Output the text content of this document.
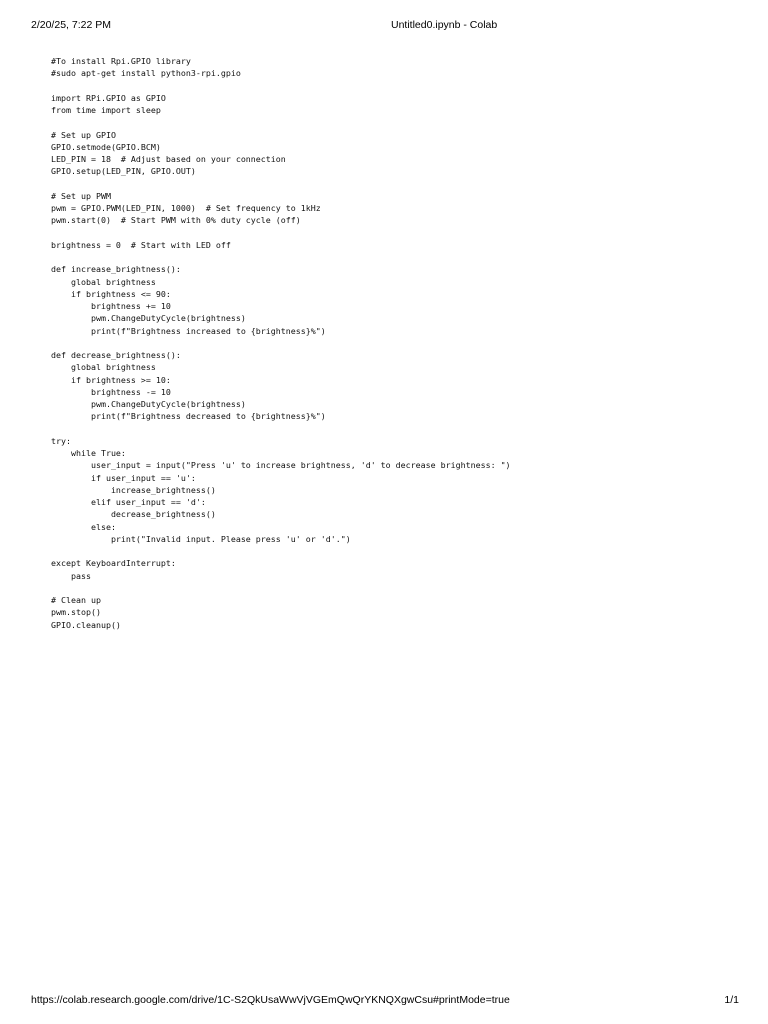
2/20/25, 7:22 PM	Untitled0.ipynb - Colab
#To install Rpi.GPIO library
#sudo apt-get install python3-rpi.gpio
import RPi.GPIO as GPIO
from time import sleep
# Set up GPIO
GPIO.setmode(GPIO.BCM)
LED_PIN = 18  # Adjust based on your connection
GPIO.setup(LED_PIN, GPIO.OUT)
# Set up PWM
pwm = GPIO.PWM(LED_PIN, 1000)  # Set frequency to 1kHz
pwm.start(0)  # Start PWM with 0% duty cycle (off)
brightness = 0  # Start with LED off
def increase_brightness():
global brightness
if brightness <= 90:
brightness += 10
pwm.ChangeDutyCycle(brightness)
print(f"Brightness increased to {brightness}%")
def decrease_brightness():
global brightness
if brightness >= 10:
brightness -= 10
pwm.ChangeDutyCycle(brightness)
print(f"Brightness decreased to {brightness}%")
try:
while True:
user_input = input("Press 'u' to increase brightness, 'd' to decrease brightness: ")
if user_input == 'u':
increase_brightness()
elif user_input == 'd':
decrease_brightness()
else:
print("Invalid input. Please press 'u' or 'd'.")
except KeyboardInterrupt:
pass
# Clean up
pwm.stop()
GPIO.cleanup()
https://colab.research.google.com/drive/1C-S2QkUsaWwVjVGEmQwQrYKNQXgwCsu#printMode=true	1/1
